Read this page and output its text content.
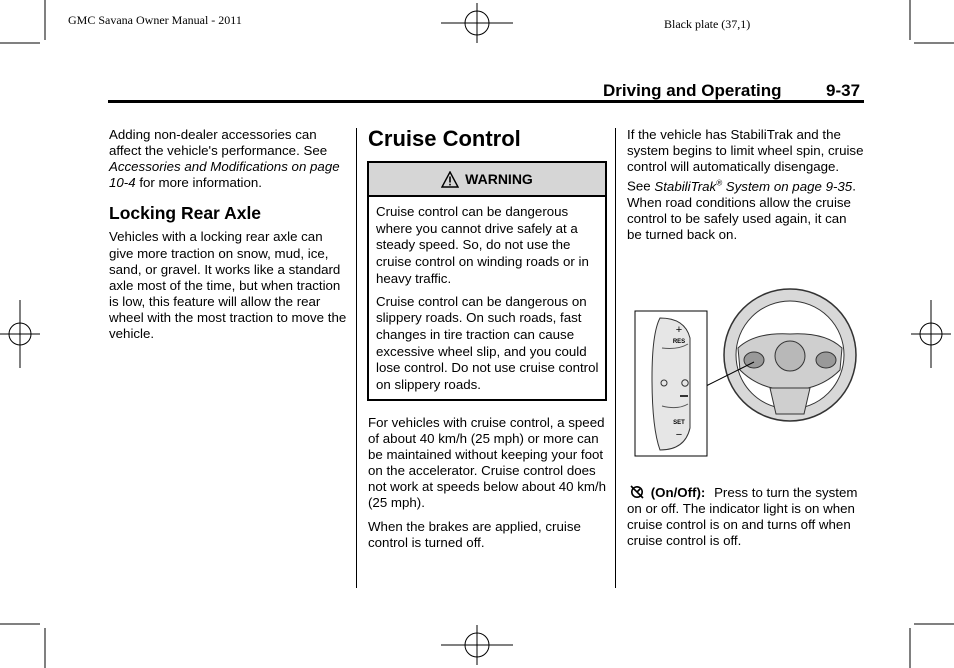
GMC Savana Owner Manual - 2011	Black plate (37,1)
Driving and Operating	9-37

Adding non-dealer accessories can affect the vehicle's performance. See Accessories and Modifications on page 10-4 for more information.

Locking Rear Axle

Vehicles with a locking rear axle can give more traction on snow, mud, ice, sand, or gravel. It works like a standard axle most of the time, but when traction is low, this feature will allow the rear wheel with the most traction to move the vehicle.

Cruise Control
WARNING

Cruise control can be dangerous where you cannot drive safely at a steady speed. So, do not use the cruise control on winding roads or in heavy traffic.

Cruise control can be dangerous on slippery roads. On such roads, fast changes in tire traction can cause excessive wheel slip, and you could lose control. Do not use cruise control on slippery roads.

For vehicles with cruise control, a speed of about 40 km/h (25 mph) or more can be maintained without keeping your foot on the accelerator. Cruise control does not work at speeds below about 40 km/h (25 mph).

When the brakes are applied, cruise control is turned off.

If the vehicle has StabiliTrak and the system begins to limit wheel spin, cruise control will automatically disengage. See StabiliTrak® System on page 9-35. When road conditions allow the cruise control to be safely used again, it can be turned back on.

+
RES
SET
−

(On/Off): Press to turn the system on or off. The indicator light is on when cruise control is on and turns off when cruise control is off.
